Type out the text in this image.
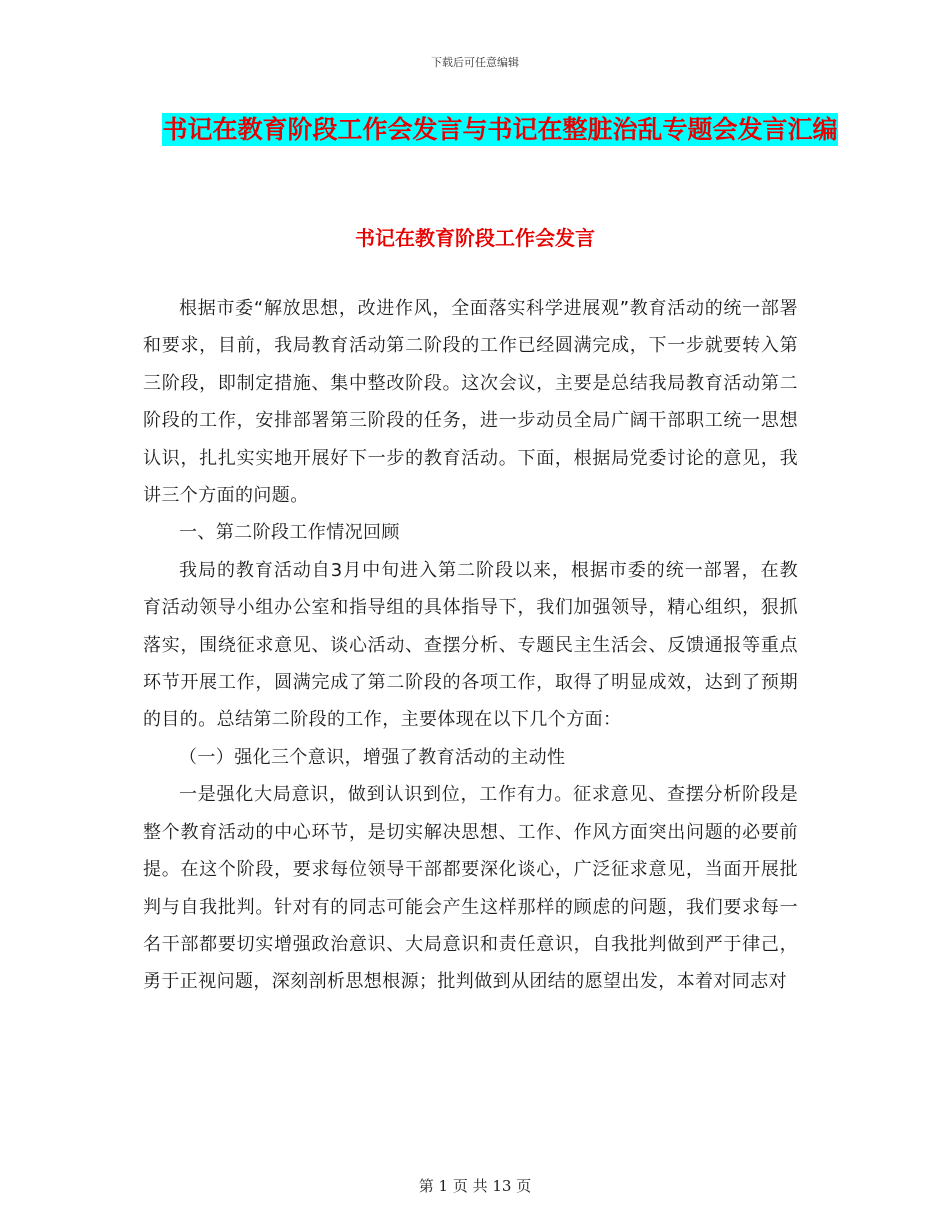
下载后可任意编辑
书记在教育阶段工作会发言与书记在整脏治乱专题会发言汇编
书记在教育阶段工作会发言

根据市委“解放思想，改进作风，全面落实科学进展观”教育活动的统一部署和要求，目前，我局教育活动第二阶段的工作已经圆满完成，下一步就要转入第三阶段，即制定措施、集中整改阶段。这次会议，主要是总结我局教育活动第二阶段的工作，安排部署第三阶段的任务，进一步动员全局广阔干部职工统一思想认识，扎扎实实地开展好下一步的教育活动。下面，根据局党委讨论的意见，我讲三个方面的问题。

一、第二阶段工作情况回顾

我局的教育活动自3月中旬进入第二阶段以来，根据市委的统一部署，在教育活动领导小组办公室和指导组的具体指导下，我们加强领导，精心组织，狠抓落实，围绕征求意见、谈心活动、查摆分析、专题民主生活会、反馈通报等重点环节开展工作，圆满完成了第二阶段的各项工作，取得了明显成效，达到了预期的目的。总结第二阶段的工作，主要体现在以下几个方面：

（一）强化三个意识，增强了教育活动的主动性

一是强化大局意识，做到认识到位，工作有力。征求意见、查摆分析阶段是整个教育活动的中心环节，是切实解决思想、工作、作风方面突出问题的必要前提。在这个阶段，要求每位领导干部都要深化谈心，广泛征求意见，当面开展批判与自我批判。针对有的同志可能会产生这样那样的顾虑的问题，我们要求每一名干部都要切实增强政治意识、大局意识和责任意识，自我批判做到严于律己，勇于正视问题，深刻剖析思想根源；批判做到从团结的愿望出发，本着对同志对

第 1 页 共 13 页
